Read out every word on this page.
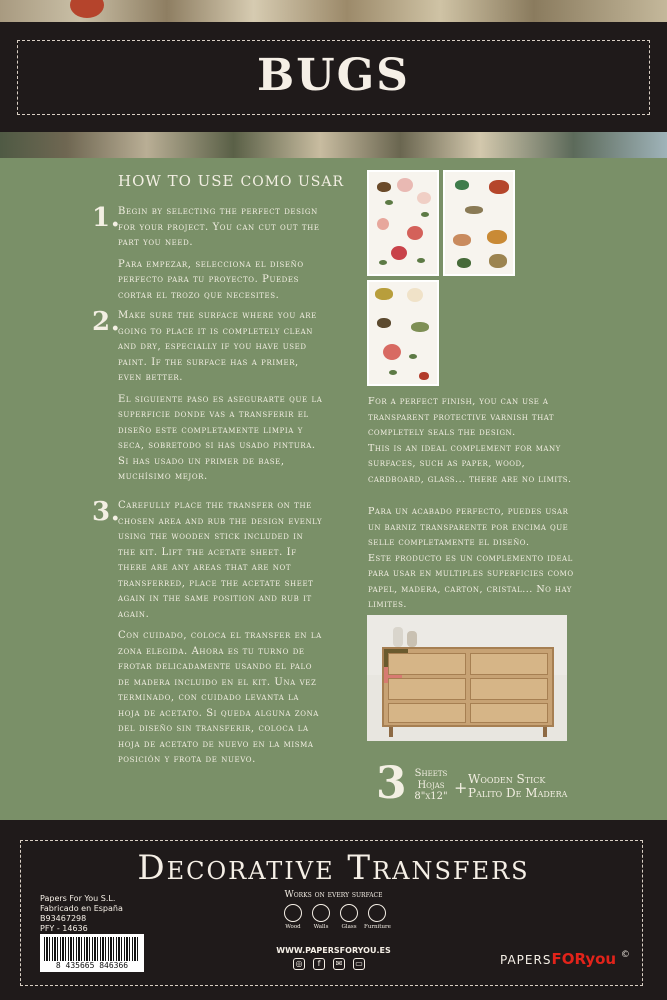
BUGS
HOW TO USE COMO USAR
1.
Begin by selecting the perfect design for your project. You can cut out the part you need.
Para empezar, selecciona el diseño perfecto para tu proyecto. Puedes cortar el trozo que necesites.
2.
Make sure the surface where you are going to place it is completely clean and dry, especially if you have used paint. If the surface has a primer, even better.
El siguiente paso es asegurarte que la superficie donde vas a transferir el diseño este completamente limpia y seca, sobretodo si has usado pintura. Si has usado un primer de base, muchísimo mejor.
3.
Carefully place the transfer on the chosen area and rub the design evenly using the wooden stick included in the kit. Lift the acetate sheet. If there are any areas that are not transferred, place the acetate sheet again in the same position and rub it again.
Con cuidado, coloca el transfer en la zona elegida. Ahora es tu turno de frotar delicadamente usando el palo de madera incluido en el kit. Una vez terminado, con cuidado levanta la hoja de acetato. Si queda alguna zona del diseño sin transferir, coloca la hoja de acetato de nuevo en la misma posición y frota de nuevo.
For a perfect finish, you can use a transparent protective varnish that completely seals the design.
This is an ideal complement for many surfaces, such as paper, wood, cardboard, glass... there are no limits.
Para un acabado perfecto, puedes usar un barniz transparente por encima que selle completamente el diseño.
Este producto es un complemento ideal para usar en multiples superficies como papel, madera, carton, cristal... No hay limites.
3 Sheets
Hojas
8"x12" + Wooden Stick
Palito De Madera
Decorative Transfers
Papers For You S.L.
Fabricado en España
B93467298
PFY - 14636
8 435665 846366
Works on every surface
Wood	Walls	Glass	Furniture
WWW.PAPERSFORYOU.ES
◎	f	✉	▭	PAPERSFORyou ©
